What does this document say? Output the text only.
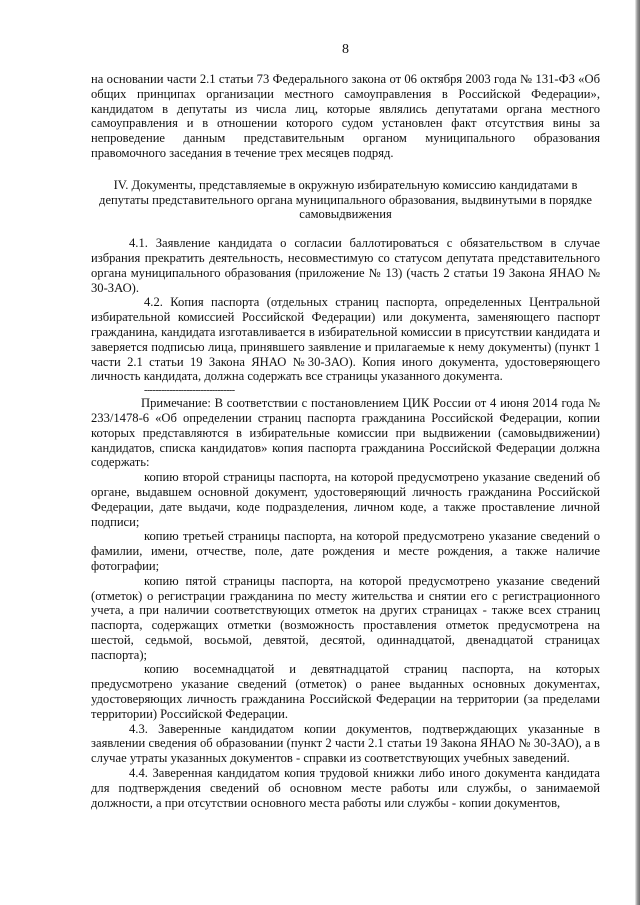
8

на основании части 2.1 статьи 73 Федерального закона от 06 октября 2003 года № 131-ФЗ «Об общих принципах организации местного самоуправления в Российской Федерации», кандидатом в депутаты из числа лиц, которые являлись депутатами органа местного самоуправления и в отношении которого судом установлен факт отсутствия вины за непроведение данным представительным органом муниципального образования правомочного заседания в течение трех месяцев подряд.

IV. Документы, представляемые в окружную избирательную комиссию кандидатами в депутаты представительного органа муниципального образования, выдвинутыми в порядке самовыдвижения

4.1. Заявление кандидата о согласии баллотироваться с обязательством в случае избрания прекратить деятельность, несовместимую со статусом депутата представительного органа муниципального образования (приложение № 13) (часть 2 статьи 19 Закона ЯНАО № 30-ЗАО).

4.2. Копия паспорта (отдельных страниц паспорта, определенных Центральной избирательной комиссией Российской Федерации) или документа, заменяющего паспорт гражданина, кандидата изготавливается в избирательной комиссии в присутствии кандидата и заверяется подписью лица, принявшего заявление и прилагаемые к нему документы) (пункт 1 части 2.1 статьи 19 Закона ЯНАО №30-ЗАО). Копия иного документа, удостоверяющего личность кандидата, должна содержать все страницы указанного документа.

--------------------------------

Примечание: В соответствии с постановлением ЦИК России от 4 июня 2014 года № 233/1478-6 «Об определении страниц паспорта гражданина Российской Федерации, копии которых представляются в избирательные комиссии при выдвижении (самовыдвижении) кандидатов, списка кандидатов» копия паспорта гражданина Российской Федерации должна содержать:

копию второй страницы паспорта, на которой предусмотрено указание сведений об органе, выдавшем основной документ, удостоверяющий личность гражданина Российской Федерации, дате выдачи, коде подразделения, личном коде, а также проставление личной подписи;

копию третьей страницы паспорта, на которой предусмотрено указание сведений о фамилии, имени, отчестве, поле, дате рождения и месте рождения, а также наличие фотографии;

копию пятой страницы паспорта, на которой предусмотрено указание сведений (отметок) о регистрации гражданина по месту жительства и снятии его с регистрационного учета, а при наличии соответствующих отметок на других страницах - также всех страниц паспорта, содержащих отметки (возможность проставления отметок предусмотрена на шестой, седьмой, восьмой, девятой, десятой, одиннадцатой, двенадцатой страницах паспорта);

копию восемнадцатой и девятнадцатой страниц паспорта, на которых предусмотрено указание сведений (отметок) о ранее выданных основных документах, удостоверяющих личность гражданина Российской Федерации на территории (за пределами территории) Российской Федерации.

4.3. Заверенные кандидатом копии документов, подтверждающих указанные в заявлении сведения об образовании (пункт 2 части 2.1 статьи 19 Закона ЯНАО № 30-ЗАО), а в случае утраты указанных документов - справки из соответствующих учебных заведений.

4.4. Заверенная кандидатом копия трудовой книжки либо иного документа кандидата для подтверждения сведений об основном месте работы или службы, о занимаемой должности, а при отсутствии основного места работы или службы - копии документов,
